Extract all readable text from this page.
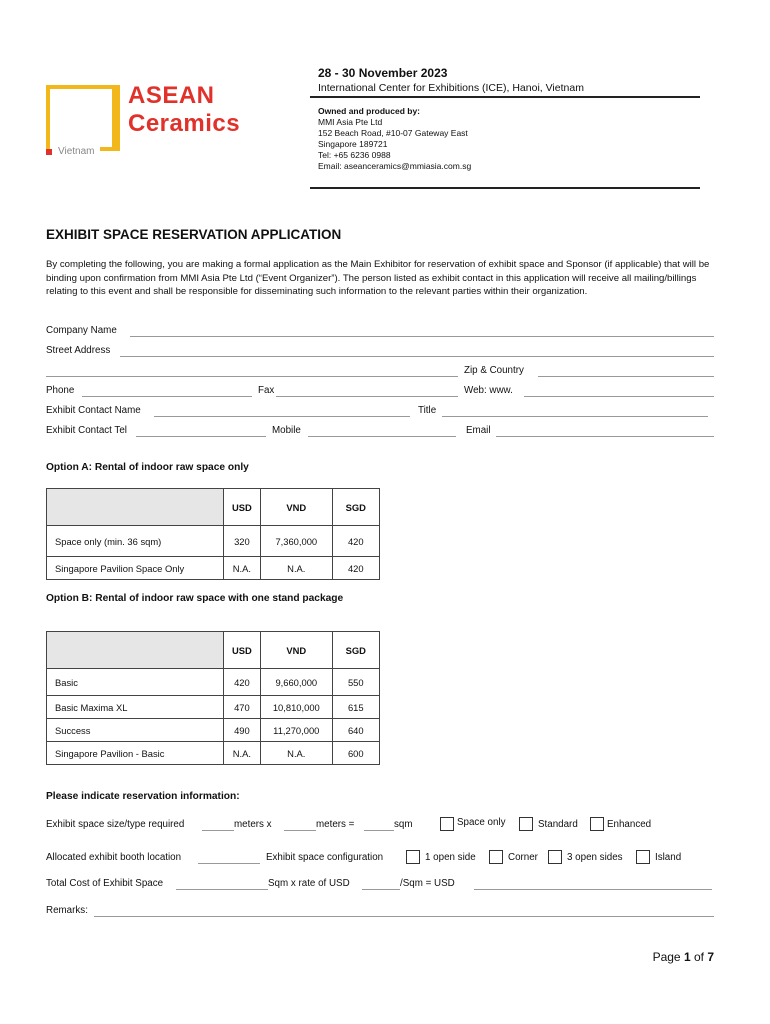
ASEAN
Ceramics
Vietnam
28 - 30 November 2023
International Center for Exhibitions (ICE), Hanoi, Vietnam
Owned and produced by:
MMI Asia Pte Ltd
152 Beach Road, #10-07 Gateway East
Singapore 189721
Tel: +65 6236 0988
Email: aseanceramics@mmiasia.com.sg
EXHIBIT SPACE RESERVATION APPLICATION
By completing the following, you are making a formal application as the Main Exhibitor for reservation of exhibit space and Sponsor (if applicable) that will be binding upon confirmation from MMI Asia Pte Ltd (“Event Organizer”). The person listed as exhibit contact in this application will receive all mailing/billings relating to this event and shall be responsible for disseminating such information to the relevant parties within their organization.
Company Name
Street Address
Zip & Country
Phone	Fax	Web: www.
Exhibit Contact Name	Title
Exhibit Contact Tel	Mobile	Email
Option A: Rental of indoor raw space only
	USD	VND	SGD
Space only (min. 36 sqm)	320	7,360,000	420
Singapore Pavilion Space Only	N.A.	N.A.	420
Option B: Rental of indoor raw space with one stand package
	USD	VND	SGD
Basic	420	9,660,000	550
Basic Maxima XL	470	10,810,000	615
Success	490	11,270,000	640
Singapore Pavilion - Basic	N.A.	N.A.	600
Please indicate reservation information:
Exhibit space size/type required	meters x	meters =	sqm	Space only	Standard	Enhanced
Allocated exhibit booth location	Exhibit space configuration	1 open side	Corner	3 open sides	Island
Total Cost of Exhibit Space	Sqm x rate of USD	/Sqm = USD
Remarks:
Page 1 of 7
